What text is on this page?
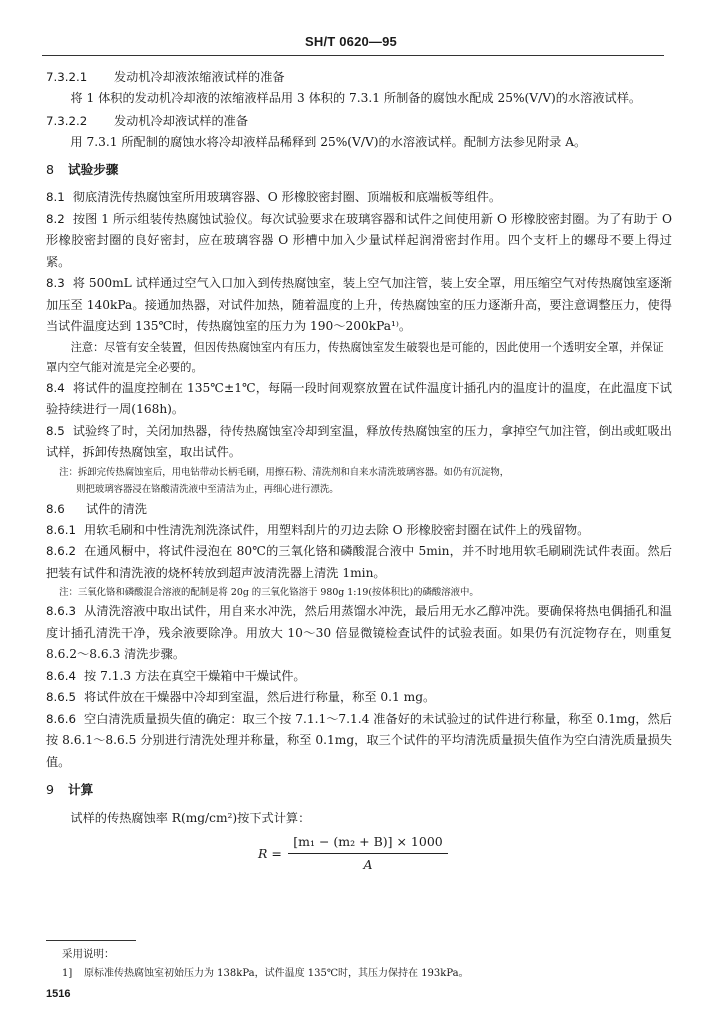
SH/T 0620—95
7.3.2.1 发动机冷却液浓缩液试样的准备

将 1 体积的发动机冷却液的浓缩液样品用 3 体积的 7.3.1 所制备的腐蚀水配成 25%(V/V)的水溶液试样。

7.3.2.2 发动机冷却液试样的准备

用 7.3.1 所配制的腐蚀水将冷却液样品稀释到 25%(V/V)的水溶液试样。配制方法参见附录 A。

8 试验步骤

8.1 彻底清洗传热腐蚀室所用玻璃容器、O 形橡胶密封圈、顶端板和底端板等组件。

8.2 按图 1 所示组装传热腐蚀试验仪。每次试验要求在玻璃容器和试件之间使用新 O 形橡胶密封圈。为了有助于 O 形橡胶密封圈的良好密封，应在玻璃容器 O 形槽中加入少量试样起润滑密封作用。四个支杆上的螺母不要上得过紧。

8.3 将 500mL 试样通过空气入口加入到传热腐蚀室，装上空气加注管，装上安全罩，用压缩空气对传热腐蚀室逐渐加压至 140kPa。接通加热器，对试件加热，随着温度的上升，传热腐蚀室的压力逐渐升高，要注意调整压力，使得当试件温度达到 135℃时，传热腐蚀室的压力为 190～200kPa¹⁾。

注意：尽管有安全装置，但因传热腐蚀室内有压力，传热腐蚀室发生破裂也是可能的，因此使用一个透明安全罩，并保证罩内空气能对流是完全必要的。

8.4 将试件的温度控制在 135℃±1℃，每隔一段时间观察放置在试件温度计插孔内的温度计的温度，在此温度下试验持续进行一周(168h)。

8.5 试验终了时，关闭加热器，待传热腐蚀室冷却到室温，释放传热腐蚀室的压力，拿掉空气加注管，倒出或虹吸出试样，拆卸传热腐蚀室，取出试件。

注：拆卸完传热腐蚀室后，用电钻带动长柄毛刷，用擦石粉、清洗剂和自来水清洗玻璃容器。如仍有沉淀物，

则把玻璃容器浸在铬酸清洗液中至清洁为止，再细心进行漂洗。

8.6 试件的清洗

8.6.1 用软毛刷和中性清洗剂洗涤试件，用塑料刮片的刃边去除 O 形橡胶密封圈在试件上的残留物。

8.6.2 在通风橱中，将试件浸泡在 80℃的三氧化铬和磷酸混合液中 5min，并不时地用软毛刷刷洗试件表面。然后把装有试件和清洗液的烧杯转放到超声波清洗器上清洗 1min。

注：三氧化铬和磷酸混合溶液的配制是将 20g 的三氧化铬溶于 980g 1:19(按体积比)的磷酸溶液中。

8.6.3 从清洗溶液中取出试件，用自来水冲洗，然后用蒸馏水冲洗，最后用无水乙醇冲洗。要确保将热电偶插孔和温度计插孔清洗干净，残余液要除净。用放大 10～30 倍显微镜检查试件的试验表面。如果仍有沉淀物存在，则重复 8.6.2～8.6.3 清洗步骤。

8.6.4 按 7.1.3 方法在真空干燥箱中干燥试件。

8.6.5 将试件放在干燥器中冷却到室温，然后进行称量，称至 0.1 mg。

8.6.6 空白清洗质量损失值的确定：取三个按 7.1.1～7.1.4 准备好的未试验过的试件进行称量，称至 0.1mg，然后按 8.6.1～8.6.5 分别进行清洗处理并称量，称至 0.1mg，取三个试件的平均清洗质量损失值作为空白清洗质量损失值。

9 计算

试样的传热腐蚀率 R(mg/cm²)按下式计算：

R =
[m₁ − (m₂ + B)] × 1000
A
采用说明：
1] 原标准传热腐蚀室初始压力为 138kPa，试件温度 135℃时，其压力保持在 193kPa。
1516
